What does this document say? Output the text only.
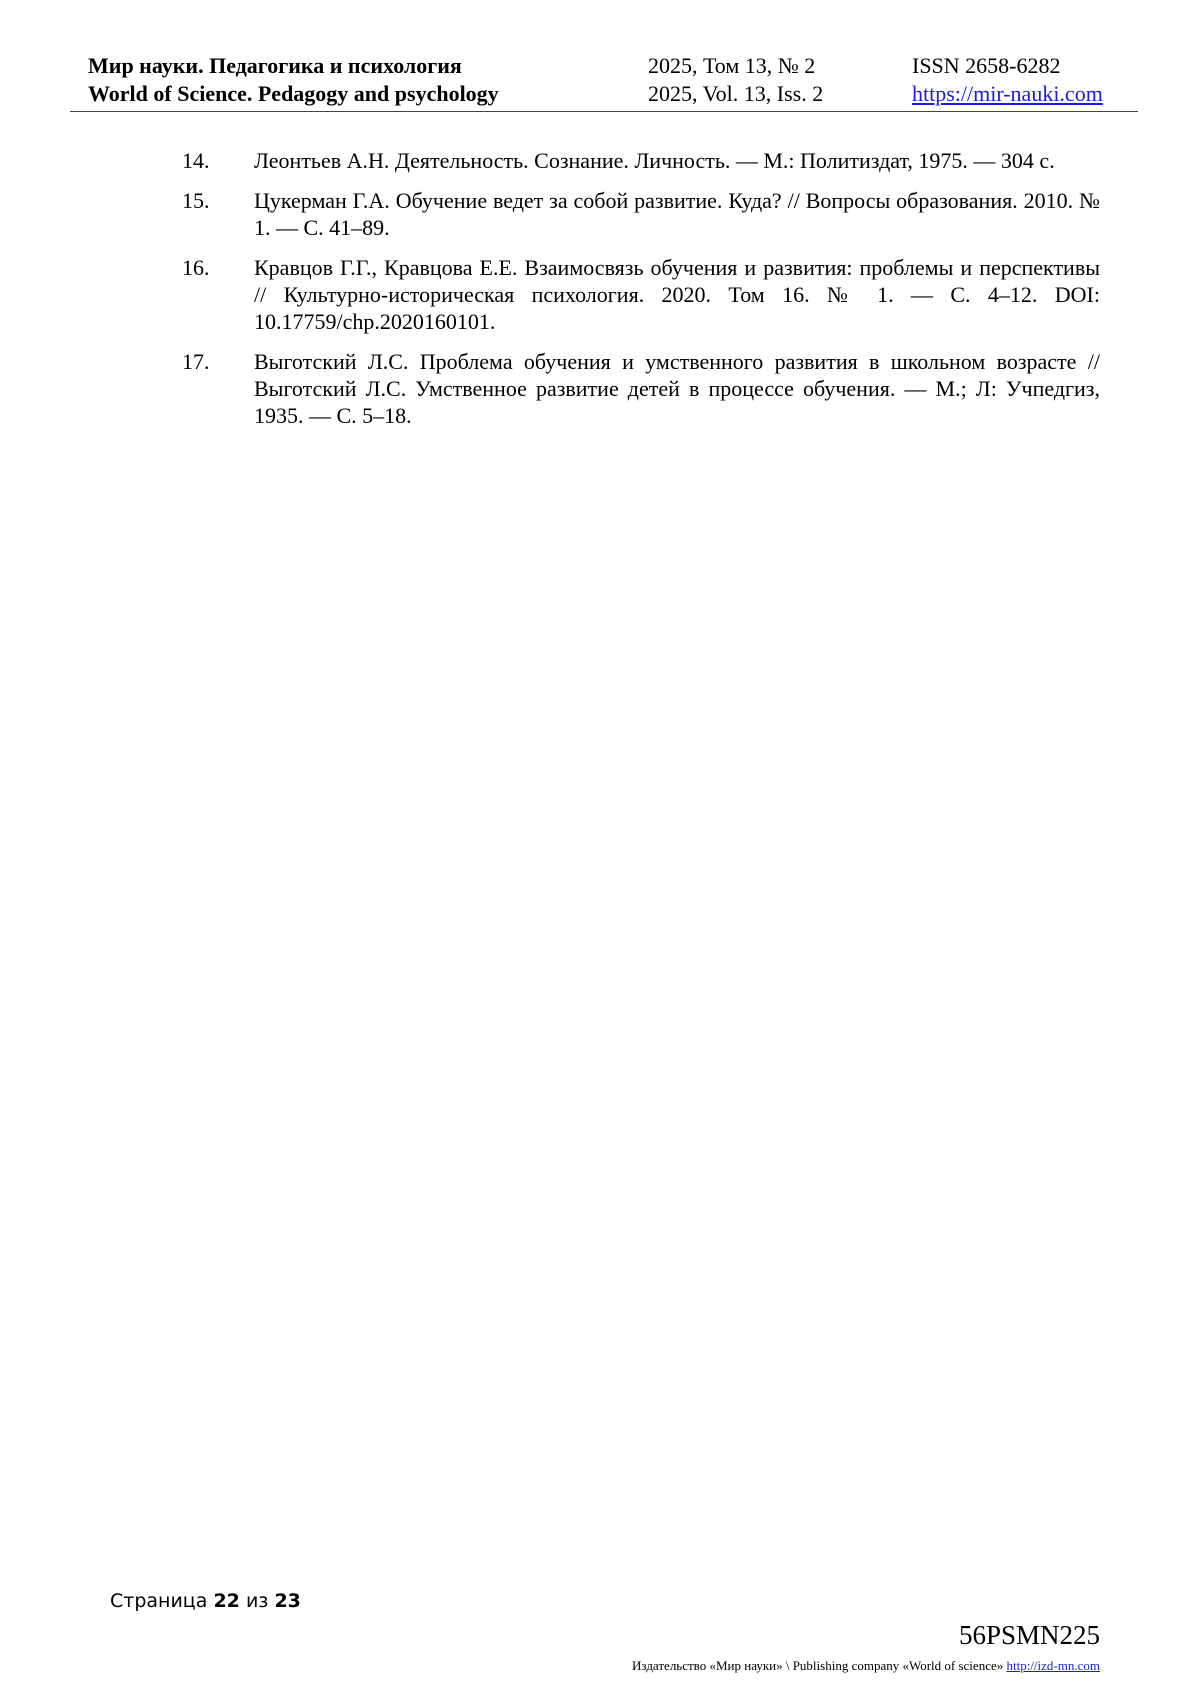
Мир науки. Педагогика и психология
World of Science. Pedagogy and psychology
2025, Том 13, № 2
2025, Vol. 13, Iss. 2
ISSN 2658-6282
https://mir-nauki.com
14. Леонтьев А.Н. Деятельность. Сознание. Личность. — М.: Политиздат, 1975. — 304 с.
15. Цукерман Г.А. Обучение ведет за собой развитие. Куда? // Вопросы образования. 2010. № 1. — С. 41–89.
16. Кравцов Г.Г., Кравцова Е.Е. Взаимосвязь обучения и развития: проблемы и перспективы // Культурно-историческая психология. 2020. Том 16. № 1. — С. 4–12. DOI: 10.17759/chp.2020160101.
17. Выготский Л.С. Проблема обучения и умственного развития в школьном возрасте // Выготский Л.С. Умственное развитие детей в процессе обучения. — М.; Л: Учпедгиз, 1935. — С. 5–18.
Страница 22 из 23
56PSMN225
Издательство «Мир науки» \ Publishing company «World of science» http://izd-mn.com
